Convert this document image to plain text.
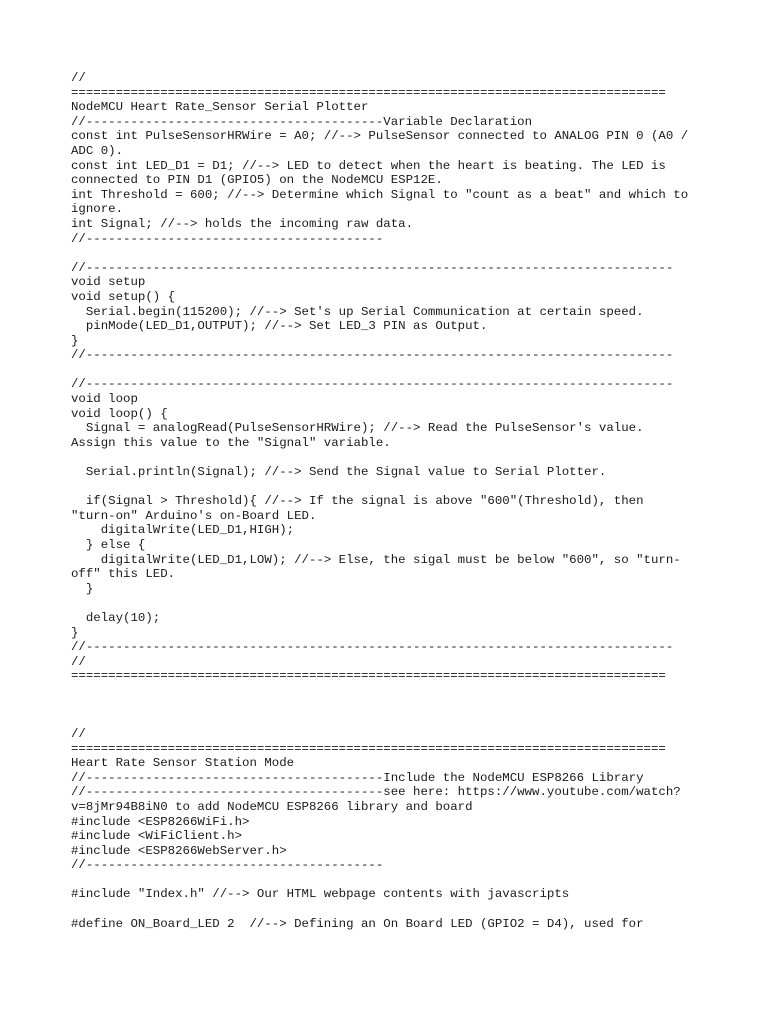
//
================================================================================
NodeMCU Heart Rate_Sensor Serial Plotter
//----------------------------------------Variable Declaration
const int PulseSensorHRWire = A0; //--> PulseSensor connected to ANALOG PIN 0 (A0 /
ADC 0).
const int LED_D1 = D1; //--> LED to detect when the heart is beating. The LED is
connected to PIN D1 (GPIO5) on the NodeMCU ESP12E.
int Threshold = 600; //--> Determine which Signal to "count as a beat" and which to
ignore.
int Signal; //--> holds the incoming raw data.
//----------------------------------------

//-------------------------------------------------------------------------------
void setup
void setup() {
Serial.begin(115200); //--> Set's up Serial Communication at certain speed.
pinMode(LED_D1,OUTPUT); //--> Set LED_3 PIN as Output.
}
//-------------------------------------------------------------------------------

//-------------------------------------------------------------------------------
void loop
void loop() {
Signal = analogRead(PulseSensorHRWire); //--> Read the PulseSensor's value.
Assign this value to the "Signal" variable.

Serial.println(Signal); //--> Send the Signal value to Serial Plotter.

if(Signal > Threshold){ //--> If the signal is above "600"(Threshold), then
"turn-on" Arduino's on-Board LED.
digitalWrite(LED_D1,HIGH);
} else {
digitalWrite(LED_D1,LOW); //--> Else, the sigal must be below "600", so "turn-
off" this LED.
}

delay(10);
}
//-------------------------------------------------------------------------------
//
================================================================================
//
================================================================================
Heart Rate Sensor Station Mode
//----------------------------------------Include the NodeMCU ESP8266 Library
//----------------------------------------see here: https://www.youtube.com/watch?
v=8jMr94B8iN0 to add NodeMCU ESP8266 library and board
#include <ESP8266WiFi.h>
#include <WiFiClient.h>
#include <ESP8266WebServer.h>
//----------------------------------------

#include "Index.h" //--> Our HTML webpage contents with javascripts

#define ON_Board_LED 2  //--> Defining an On Board LED (GPIO2 = D4), used for
